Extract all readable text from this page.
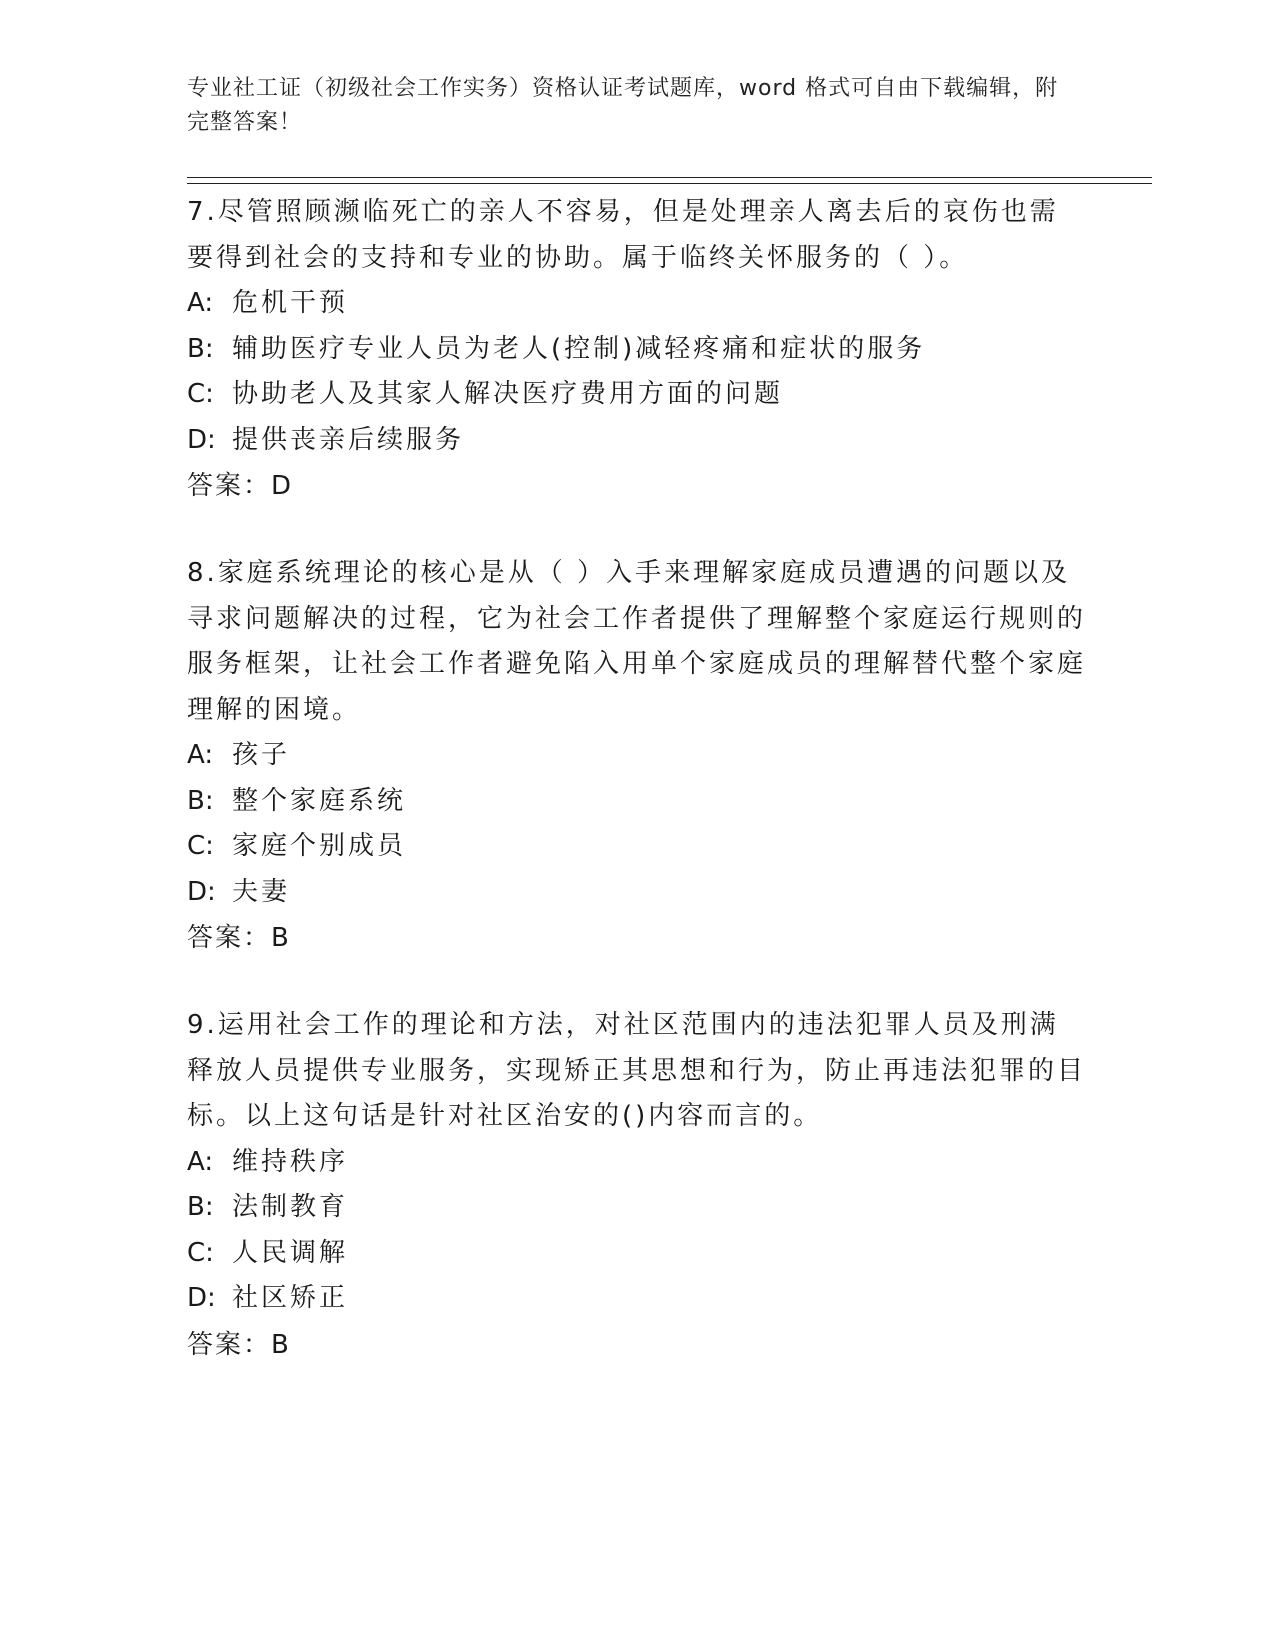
专业社工证（初级社会工作实务）资格认证考试题库，word 格式可自由下载编辑，附完整答案！

7.尽管照顾濒临死亡的亲人不容易，但是处理亲人离去后的哀伤也需要得到社会的支持和专业的协助。属于临终关怀服务的（ ）。

A: 危机干预

B: 辅助医疗专业人员为老人(控制)减轻疼痛和症状的服务

C: 协助老人及其家人解决医疗费用方面的问题

D: 提供丧亲后续服务

答案：D

8.家庭系统理论的核心是从（ ）入手来理解家庭成员遭遇的问题以及寻求问题解决的过程，它为社会工作者提供了理解整个家庭运行规则的服务框架，让社会工作者避免陷入用单个家庭成员的理解替代整个家庭理解的困境。

A: 孩子

B: 整个家庭系统

C: 家庭个别成员

D: 夫妻

答案：B

9.运用社会工作的理论和方法，对社区范围内的违法犯罪人员及刑满释放人员提供专业服务，实现矫正其思想和行为，防止再违法犯罪的目标。以上这句话是针对社区治安的()内容而言的。

A: 维持秩序

B: 法制教育

C: 人民调解

D: 社区矫正

答案：B
